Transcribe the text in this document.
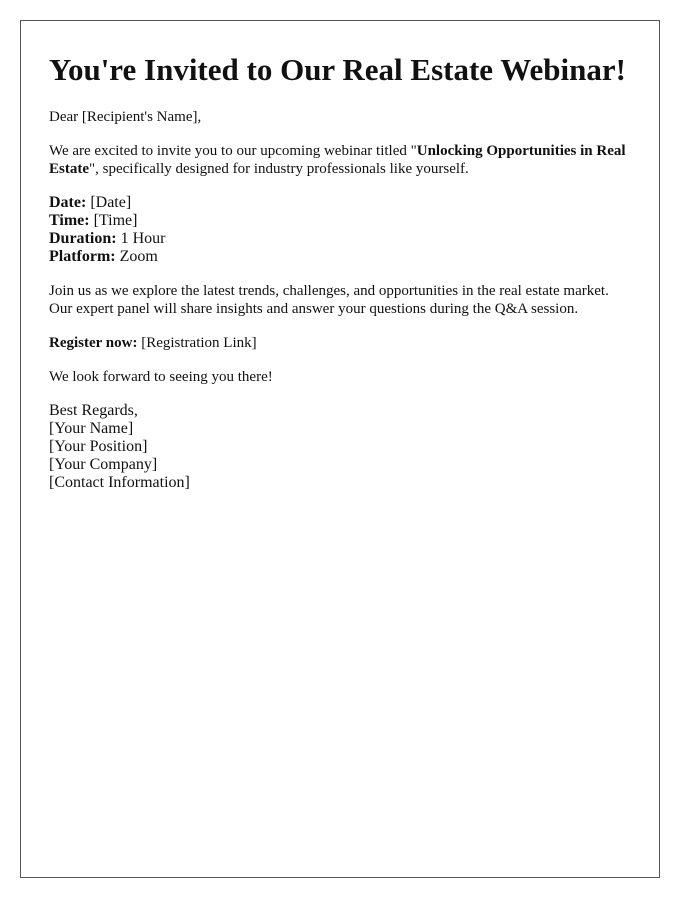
You're Invited to Our Real Estate Webinar!

Dear [Recipient's Name],

We are excited to invite you to our upcoming webinar titled "Unlocking Opportunities in Real Estate", specifically designed for industry professionals like yourself.

Date: [Date]
Time: [Time]
Duration: 1 Hour
Platform: Zoom

Join us as we explore the latest trends, challenges, and opportunities in the real estate market. Our expert panel will share insights and answer your questions during the Q&A session.

Register now: [Registration Link]

We look forward to seeing you there!

Best Regards,
[Your Name]
[Your Position]
[Your Company]
[Contact Information]
